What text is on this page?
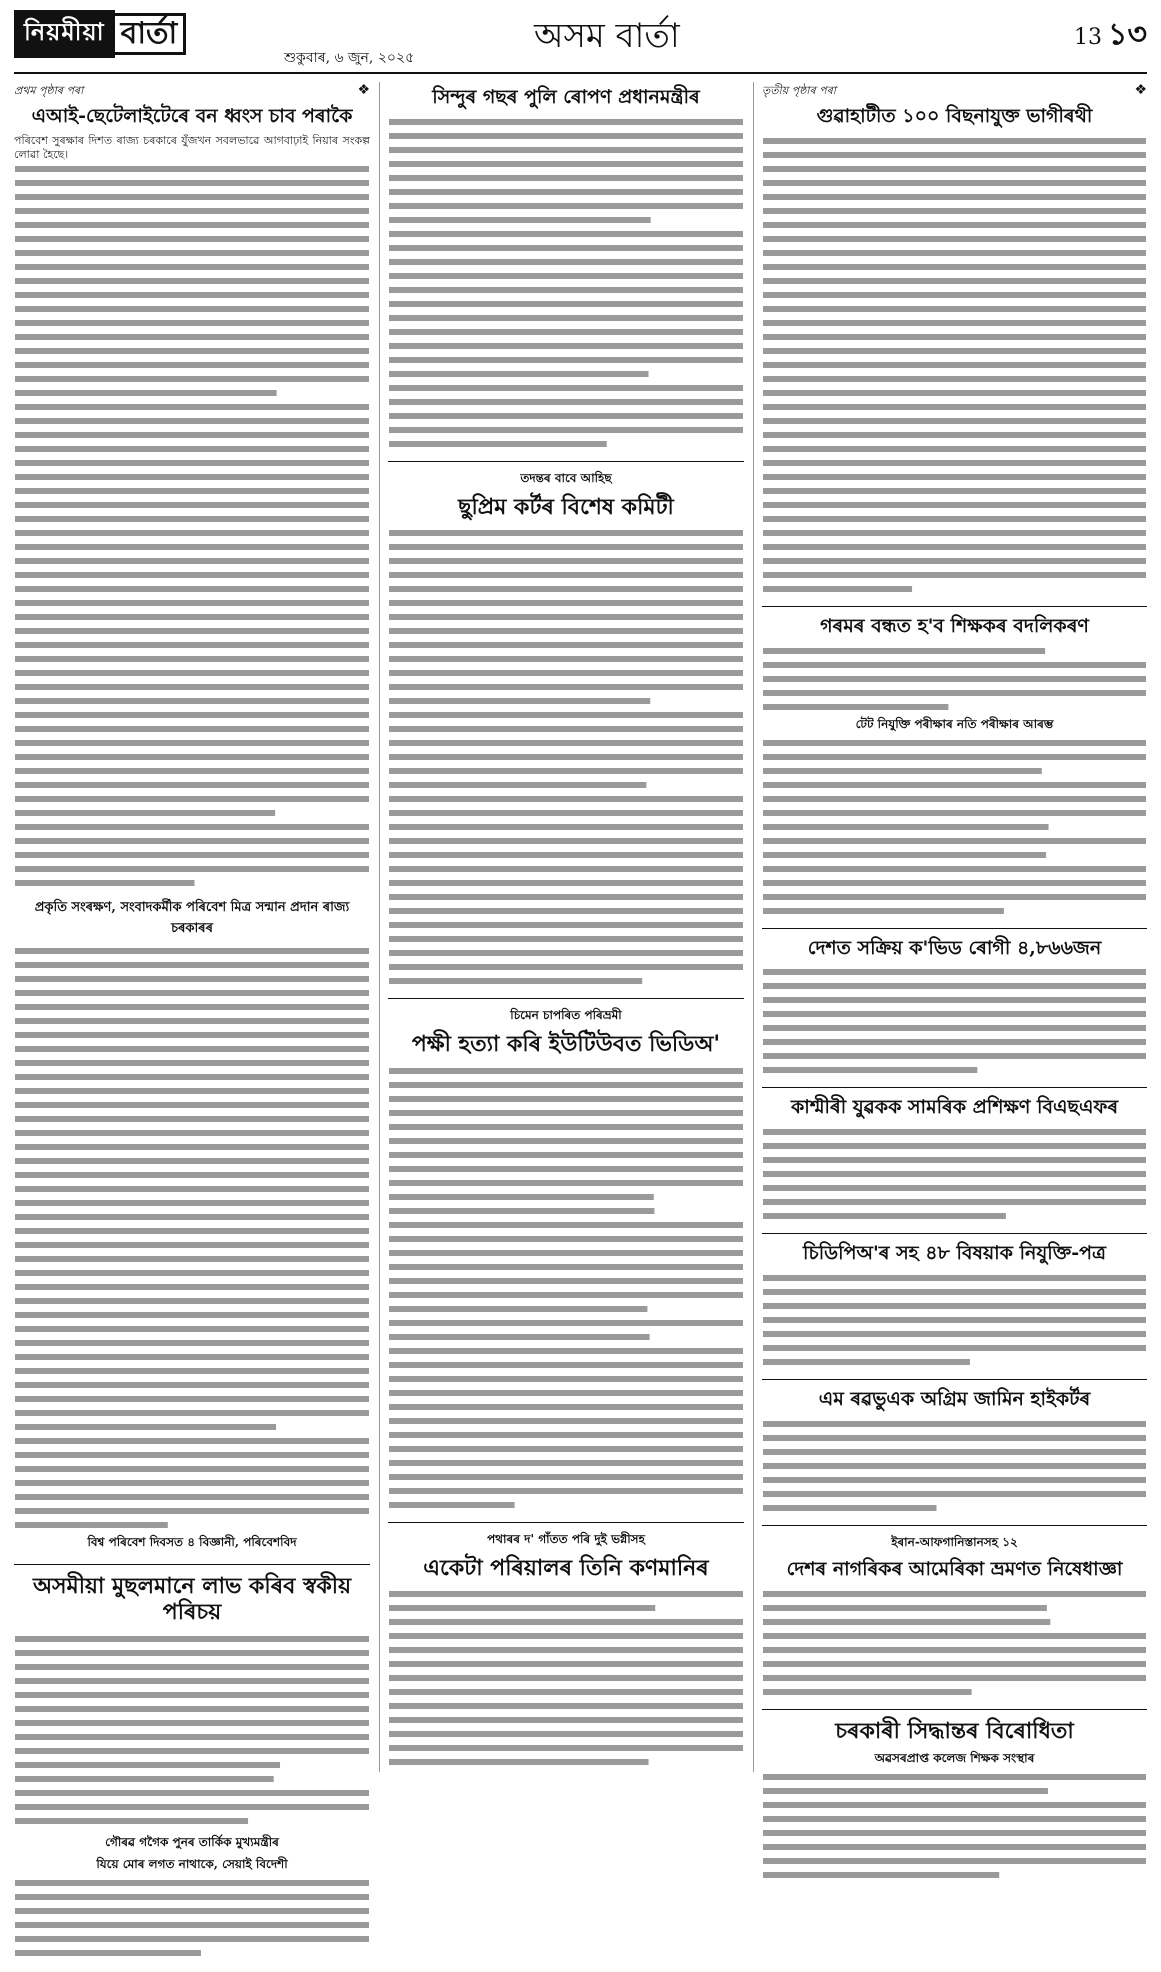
নিয়মীয়া বাৰ্তা
শুকুবাৰ, ৬ জুন, ২০২৫
অসম বাৰ্তা	13 ১৩
প্ৰথম পৃষ্ঠাৰ পৰা	❖
এআই-ছেটেলাইটেৰে বন ধ্বংস চাব পৰাকৈ

পৰিবেশ সুৰক্ষাৰ দিশত ৰাজ্য চৰকাৰে যুঁজখন সবলভাৱে আগবাঢ়াই নিয়াৰ সংকল্প লোৱা হৈছে।

প্ৰকৃতি সংৰক্ষণ, সংবাদকৰ্মীক পৰিবেশ মিত্ৰ সন্মান প্ৰদান ৰাজ্য চৰকাৰৰ
বিশ্ব পৰিবেশ দিবসত ৪ বিজ্ঞানী, পৰিবেশবিদ
অসমীয়া মুছলমানে লাভ কৰিব স্বকীয় পৰিচয়
গৌৰৱ গগৈক পুনৰ তাৰ্কিক মুখ্যমন্ত্ৰীৰ
যিয়ে মোৰ লগত নাথাকে, সেয়াই বিদেশী
সিন্দুৰ গছৰ পুলি ৰোপণ প্ৰধানমন্ত্ৰীৰ
তদন্তৰ বাবে আহিছ
ছুপ্ৰিম কৰ্টৰ বিশেষ কমিটী
চিমেন চাপৰিত পৰিভ্ৰমী
পক্ষী হত্যা কৰি ইউটিউবত ভিডিঅ'
পথাৰৰ দ' গাঁতত পৰি দুই ভগ্নীসহ
একেটা পৰিয়ালৰ তিনি কণমানিৰ
তৃতীয় পৃষ্ঠাৰ পৰা	❖
গুৱাহাটীত ১০০ বিছনাযুক্ত ভাগীৰথী
গৰমৰ বন্ধত হ'ব শিক্ষকৰ বদলিকৰণ
টেট নিযুক্তি পৰীক্ষাৰ নতি পৰীক্ষাৰ আৰম্ভ
দেশত সক্ৰিয় ক'ভিড ৰোগী ৪,৮৬৬জন
কাশ্মীৰী যুৱকক সামৰিক প্ৰশিক্ষণ বিএছএফৰ
চিডিপিঅ'ৰ সহ ৪৮ বিষয়াক নিযুক্তি-পত্ৰ
এম ৰৱভুএক অগ্ৰিম জামিন হাইকৰ্টৰ
ইৰান-আফগানিস্তানসহ ১২
দেশৰ নাগৰিকৰ আমেৰিকা ভ্ৰমণত নিষেধাজ্ঞা
চৰকাৰী সিদ্ধান্তৰ বিৰোধিতা
অৱসৰপ্ৰাপ্ত কলেজ শিক্ষক সংস্থাৰ
